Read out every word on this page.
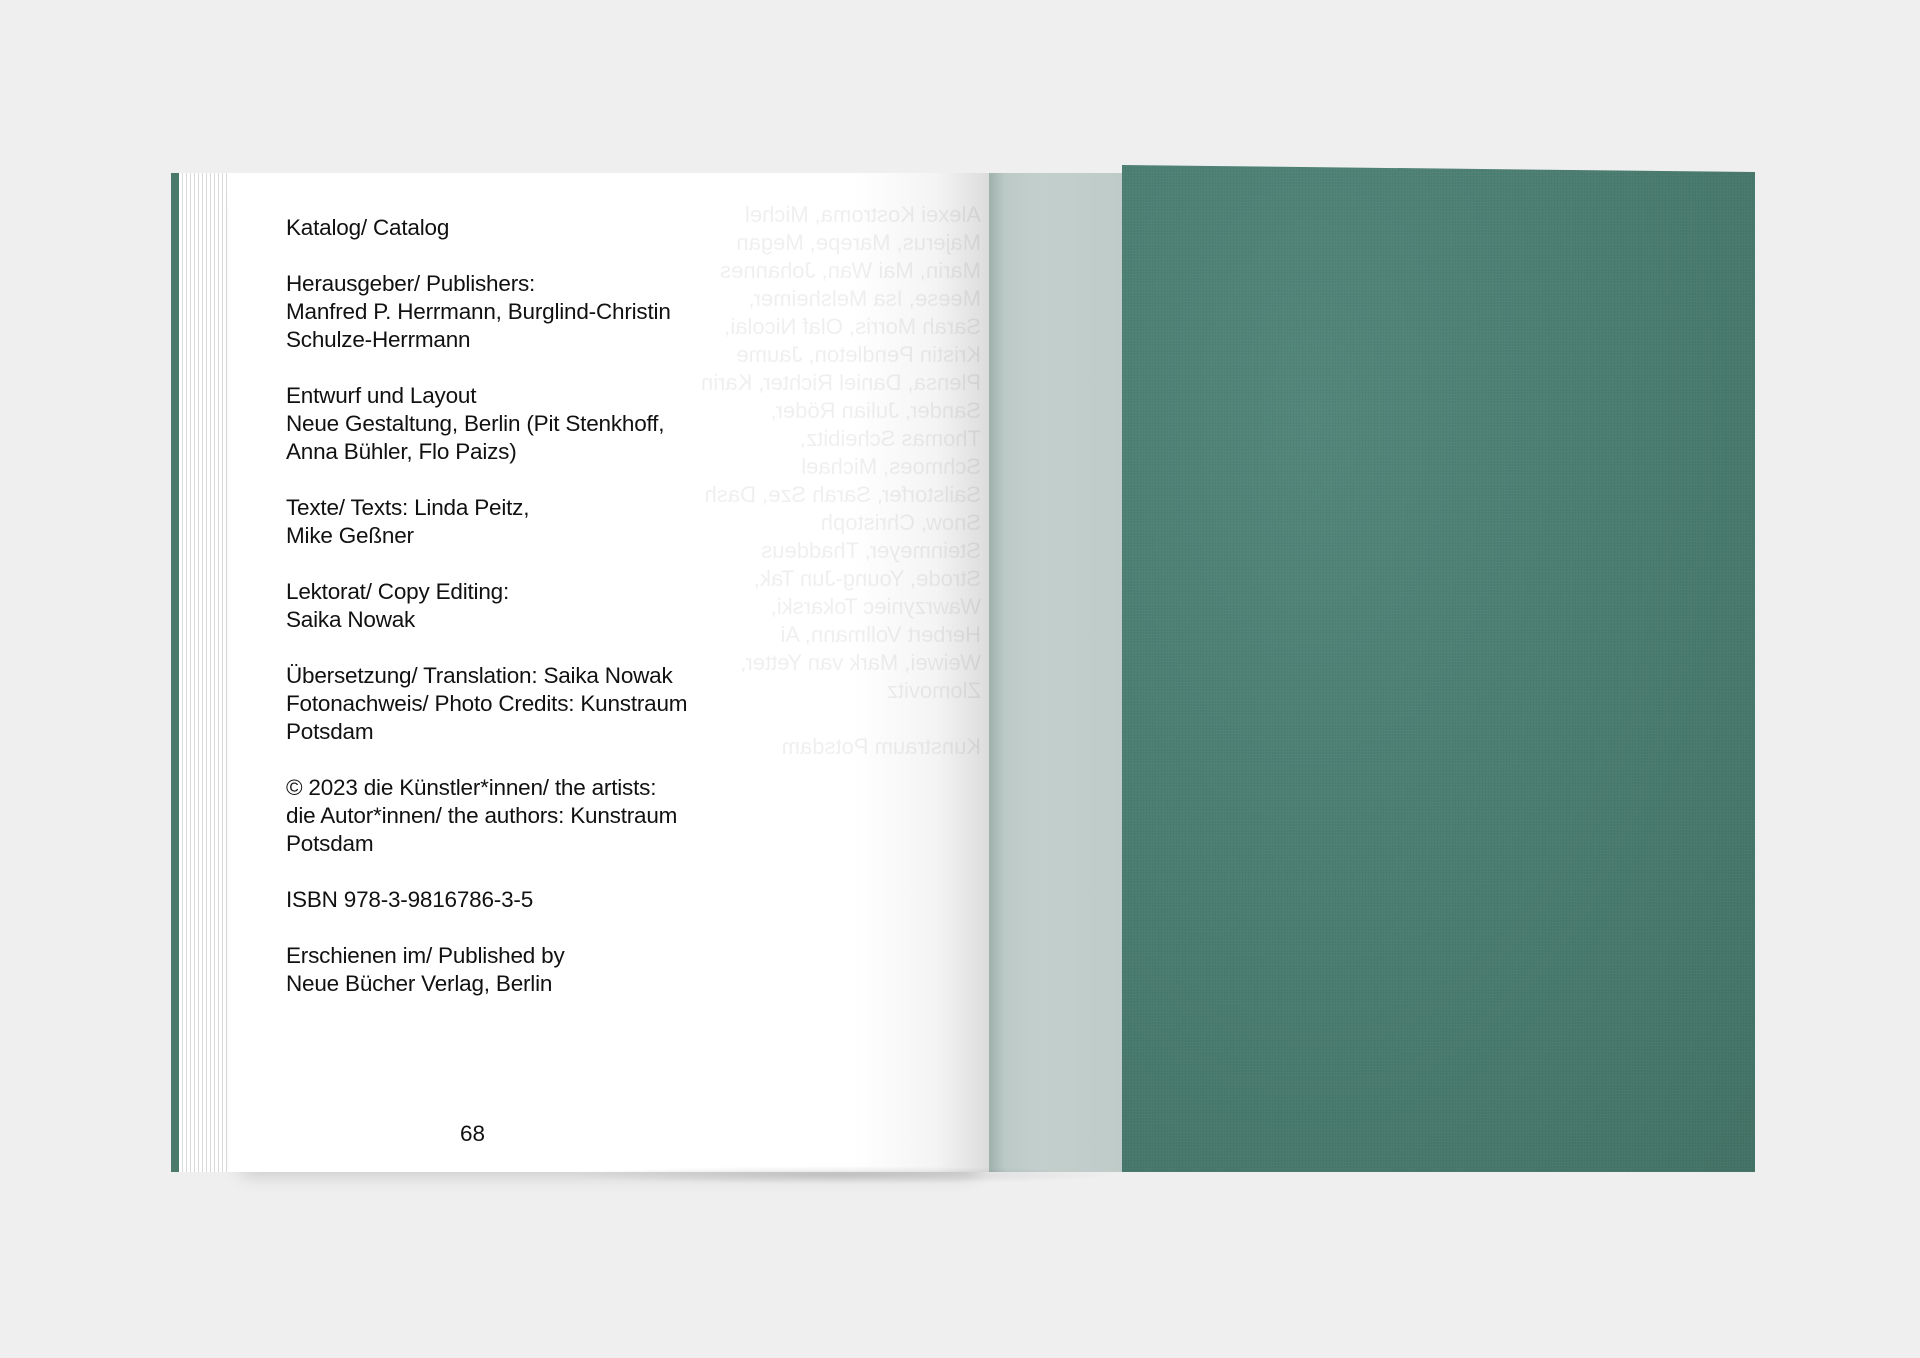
Alexei Kostroma, Michel Majerus, Marepe, Megan Marin, Mai Wan, Johannes Meese, Isa Melsheimer, Sarah Morris, Olaf Nicolai, Kristin Pendleton, Jaume Plensa, Daniel Richter, Karin Sander, Julian Röder, Thomas Scheibitz, Schmoes, Michael Sailstorfer, Sarah Sze, Dash Snow, Christoph Steinmeyer, Thaddeus Strode, Young-Jun Tak, Wawrzyniec Tokarski, Herbert Vollmann, Ai Weiwei, Mark van Yetter, Zlomovitz

Kunstraum Potsdam

Katalog/ Catalog
Herausgeber/ Publishers:
Manfred P. Herrmann, Burglind-Christin
Schulze-Herrmann
Entwurf und Layout
Neue Gestaltung, Berlin (Pit Stenkhoff,
Anna Bühler, Flo Paizs)
Texte/ Texts: Linda Peitz,
Mike Geßner
Lektorat/ Copy Editing:
Saika Nowak
Übersetzung/ Translation: Saika Nowak
Fotonachweis/ Photo Credits: Kunstraum
Potsdam
© 2023 die Künstler*innen/ the artists:
die Autor*innen/ the authors: Kunstraum
Potsdam
ISBN 978-3-9816786-3-5
Erschienen im/ Published by
Neue Bücher Verlag, Berlin
68
